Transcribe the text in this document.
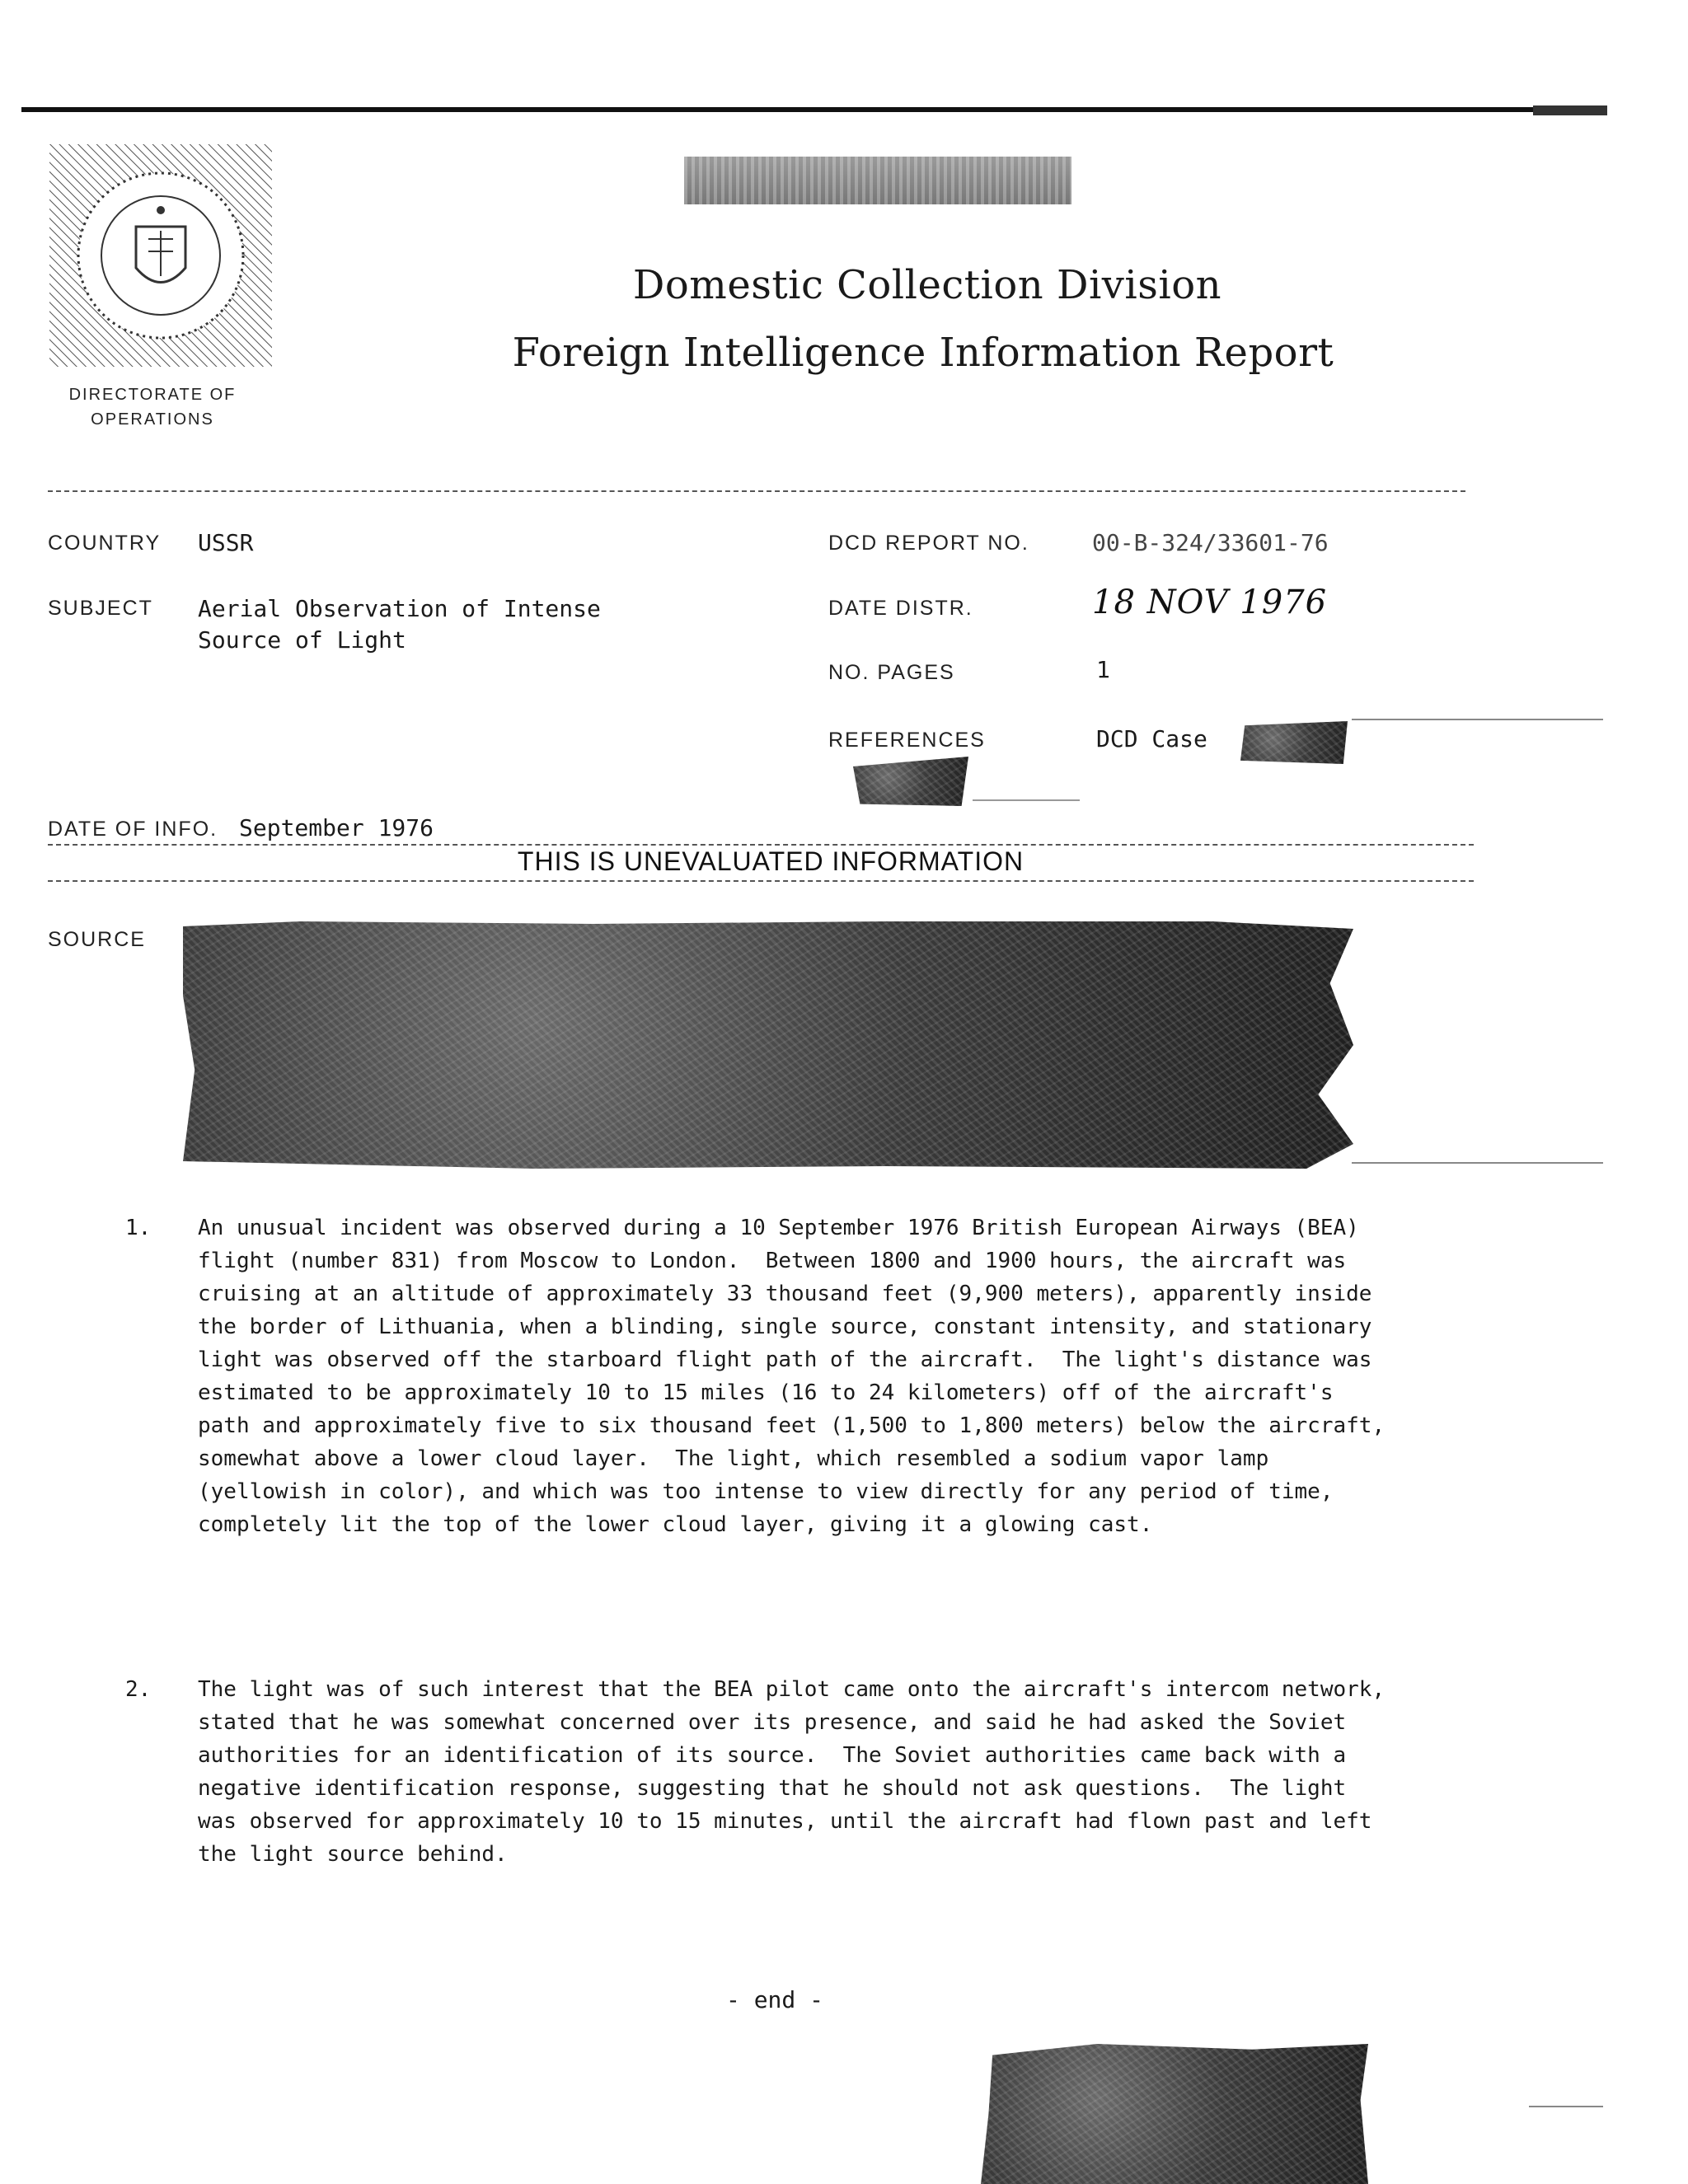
DIRECTORATE OF
OPERATIONS
Domestic Collection Division
Foreign Intelligence Information Report
COUNTRY USSR
SUBJECT Aerial Observation of Intense
Source of Light
DCD REPORT NO.	00-B-324/33601-76
DATE DISTR.	18 NOV 1976
NO. PAGES	1
REFERENCES	DCD Case
DATE OF INFO. September 1976
THIS IS UNEVALUATED INFORMATION
SOURCE
1. An unusual incident was observed during a 10 September 1976 British European Airways (BEA) flight (number 831) from Moscow to London.  Between 1800 and 1900 hours, the aircraft was cruising at an altitude of approximately 33 thousand feet (9,900 meters), apparently inside the border of Lithuania, when a blinding, single source, constant intensity, and stationary light was observed off the starboard flight path of the aircraft.  The light's distance was estimated to be approximately 10 to 15 miles (16 to 24 kilometers) off of the aircraft's path and approximately five to six thousand feet (1,500 to 1,800 meters) below the aircraft, somewhat above a lower cloud layer.  The light, which resembled a sodium vapor lamp (yellowish in color), and which was too intense to view directly for any period of time, completely lit the top of the lower cloud layer, giving it a glowing cast.
2. The light was of such interest that the BEA pilot came onto the aircraft's intercom network, stated that he was somewhat concerned over its presence, and said he had asked the Soviet authorities for an identification of its source.  The Soviet authorities came back with a negative identification response, suggesting that he should not ask questions.  The light was observed for approximately 10 to 15 minutes, until the aircraft had flown past and left the light source behind.
- end -
